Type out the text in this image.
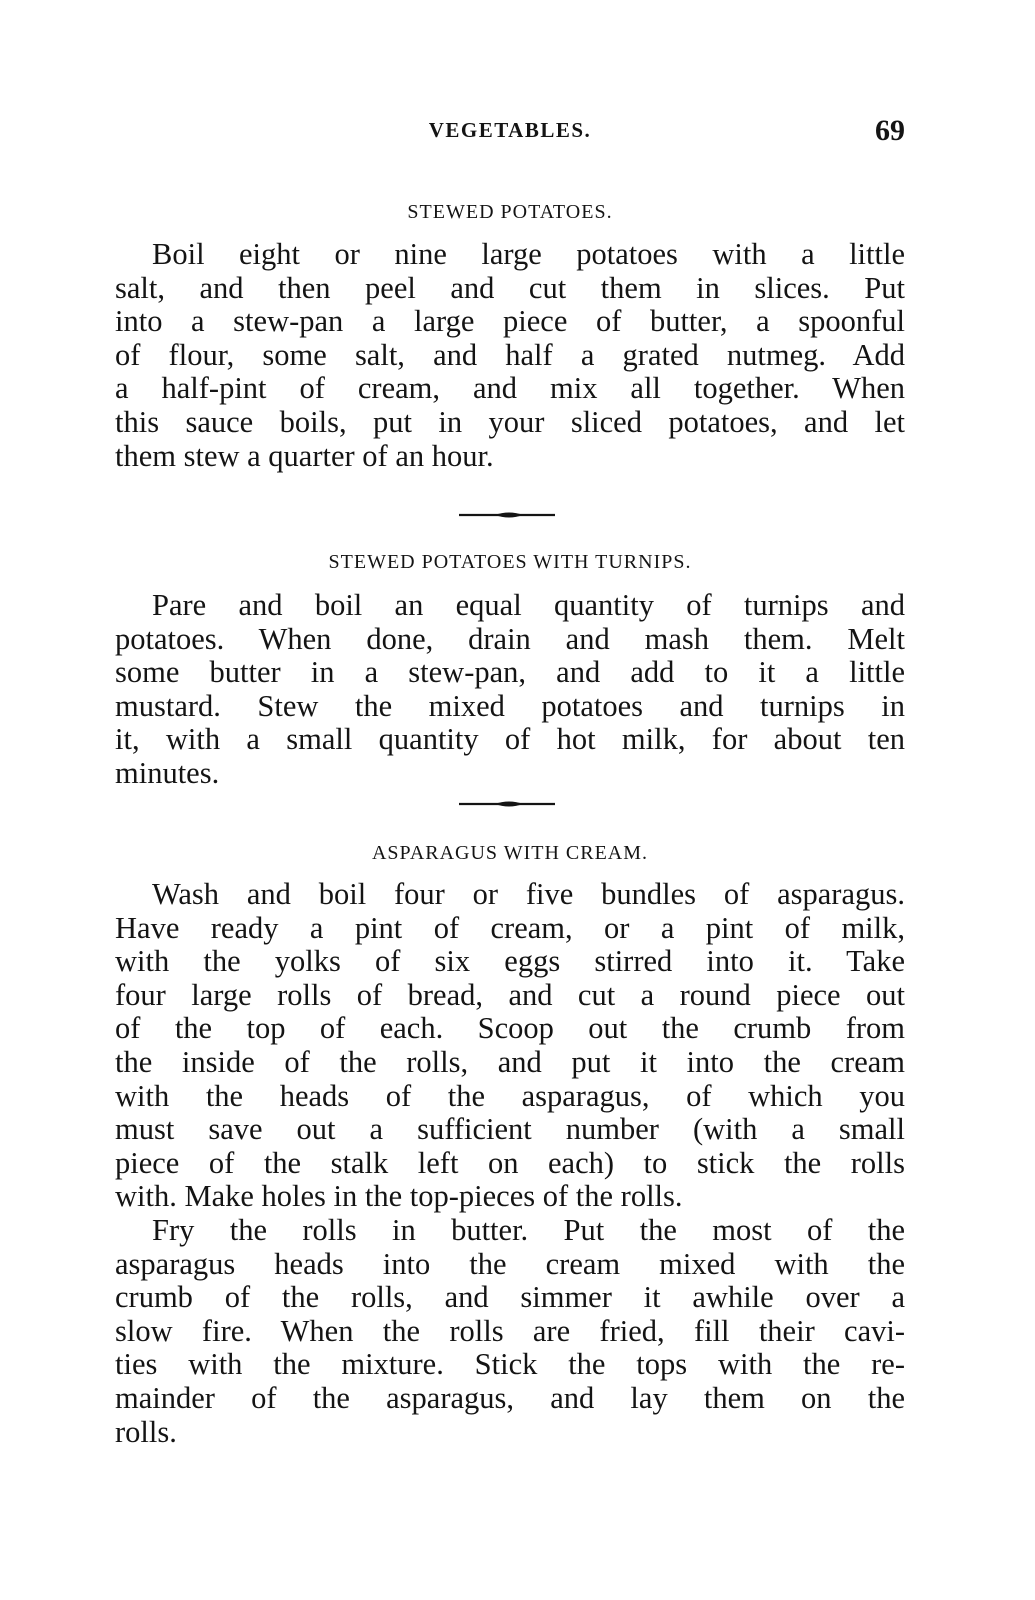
VEGETABLES.	69
STEWED POTATOES.

Boil eight or nine large potatoes with a little
salt, and then peel and cut them in slices. Put
into a stew-pan a large piece of butter, a spoonful
of flour, some salt, and half a grated nutmeg. Add
a half-pint of cream, and mix all together. When
this sauce boils, put in your sliced potatoes, and let
them stew a quarter of an hour.

STEWED POTATOES WITH TURNIPS.

Pare and boil an equal quantity of turnips and
potatoes. When done, drain and mash them. Melt
some butter in a stew-pan, and add to it a little
mustard. Stew the mixed potatoes and turnips in
it, with a small quantity of hot milk, for about ten
minutes.

ASPARAGUS WITH CREAM.

Wash and boil four or five bundles of asparagus.
Have ready a pint of cream, or a pint of milk,
with the yolks of six eggs stirred into it. Take
four large rolls of bread, and cut a round piece out
of the top of each. Scoop out the crumb from
the inside of the rolls, and put it into the cream
with the heads of the asparagus, of which you
must save out a sufficient number (with a small
piece of the stalk left on each) to stick the rolls
with. Make holes in the top-pieces of the rolls.

Fry the rolls in butter. Put the most of the
asparagus heads into the cream mixed with the
crumb of the rolls, and simmer it awhile over a
slow fire. When the rolls are fried, fill their cavi-
ties with the mixture. Stick the tops with the re-
mainder of the asparagus, and lay them on the
rolls.
